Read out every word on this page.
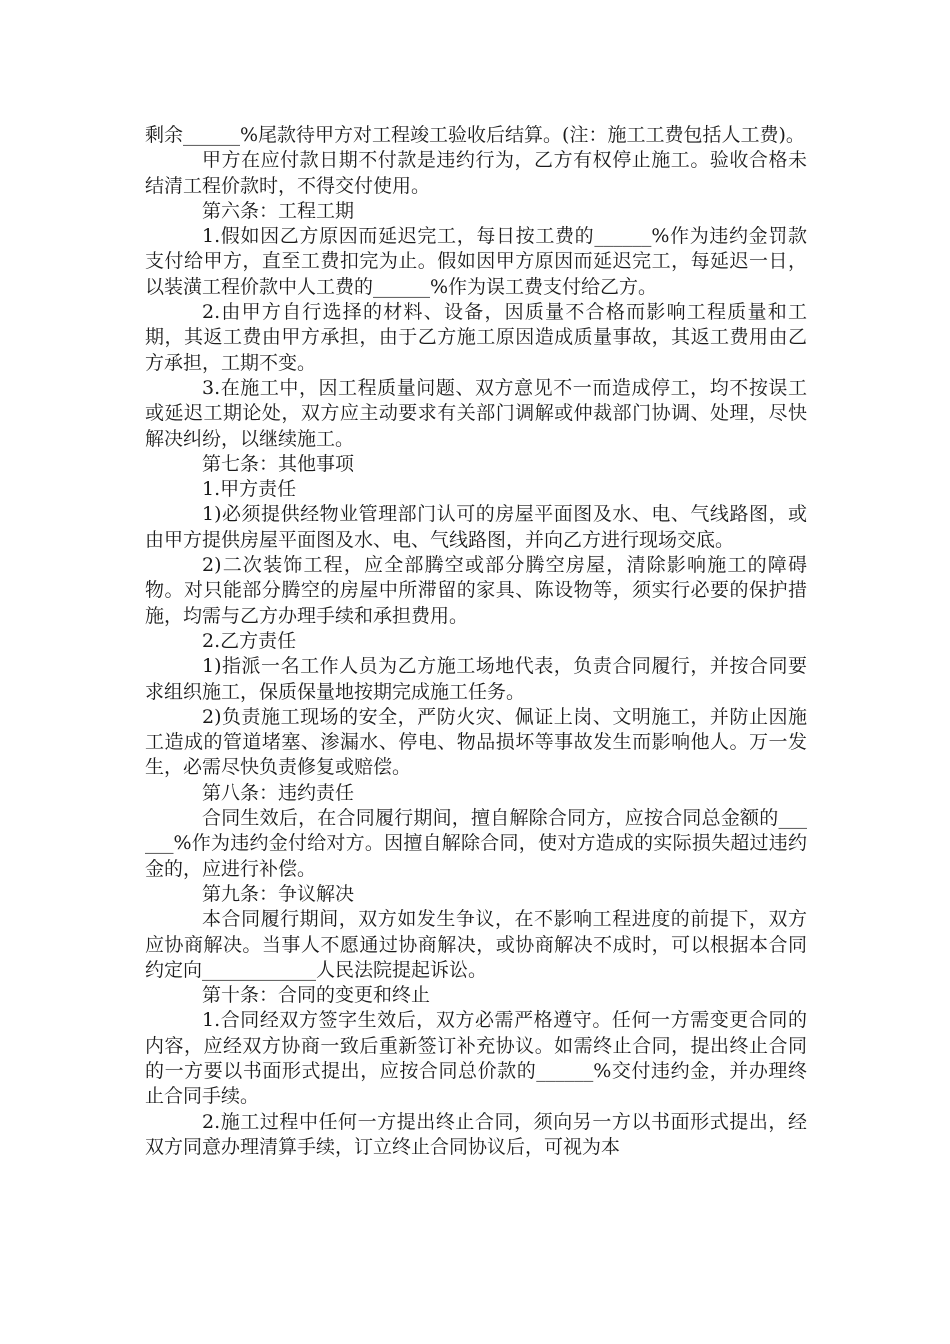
剩余______%尾款待甲方对工程竣工验收后结算。(注：施工工费包括人工费)。

甲方在应付款日期不付款是违约行为，乙方有权停止施工。验收合格未结清工程价款时，不得交付使用。

第六条：工程工期

1.假如因乙方原因而延迟完工，每日按工费的______%作为违约金罚款支付给甲方，直至工费扣完为止。假如因甲方原因而延迟完工，每延迟一日，以装潢工程价款中人工费的______%作为误工费支付给乙方。

2.由甲方自行选择的材料、设备，因质量不合格而影响工程质量和工期，其返工费由甲方承担，由于乙方施工原因造成质量事故，其返工费用由乙方承担，工期不变。

3.在施工中，因工程质量问题、双方意见不一而造成停工，均不按误工或延迟工期论处，双方应主动要求有关部门调解或仲裁部门协调、处理，尽快解决纠纷，以继续施工。

第七条：其他事项

1.甲方责任

1)必须提供经物业管理部门认可的房屋平面图及水、电、气线路图，或由甲方提供房屋平面图及水、电、气线路图，并向乙方进行现场交底。

2)二次装饰工程，应全部腾空或部分腾空房屋，清除影响施工的障碍物。对只能部分腾空的房屋中所滞留的家具、陈设物等，须实行必要的保护措施，均需与乙方办理手续和承担费用。

2.乙方责任

1)指派一名工作人员为乙方施工场地代表，负责合同履行，并按合同要求组织施工，保质保量地按期完成施工任务。

2)负责施工现场的安全，严防火灾、佩证上岗、文明施工，并防止因施工造成的管道堵塞、渗漏水、停电、物品损坏等事故发生而影响他人。万一发生，必需尽快负责修复或赔偿。

第八条：违约责任

合同生效后，在合同履行期间，擅自解除合同方，应按合同总金额的______%作为违约金付给对方。因擅自解除合同，使对方造成的实际损失超过违约金的，应进行补偿。

第九条：争议解决

本合同履行期间，双方如发生争议，在不影响工程进度的前提下，双方应协商解决。当事人不愿通过协商解决，或协商解决不成时，可以根据本合同约定向____________人民法院提起诉讼。

第十条：合同的变更和终止

1.合同经双方签字生效后，双方必需严格遵守。任何一方需变更合同的内容，应经双方协商一致后重新签订补充协议。如需终止合同，提出终止合同的一方要以书面形式提出，应按合同总价款的______%交付违约金，并办理终止合同手续。

2.施工过程中任何一方提出终止合同，须向另一方以书面形式提出，经双方同意办理清算手续，订立终止合同协议后，可视为本
